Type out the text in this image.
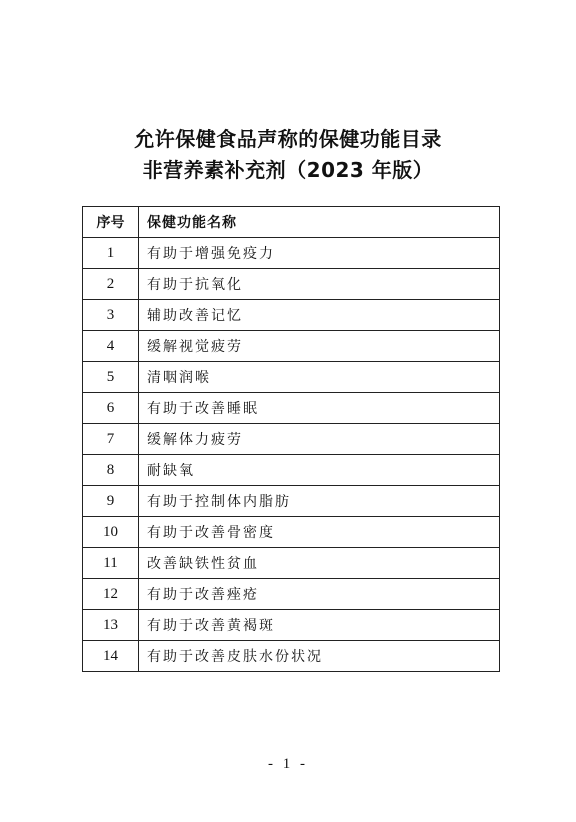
允许保健食品声称的保健功能目录
非营养素补充剂（2023 年版）
序号	保健功能名称
1	有助于增强免疫力
2	有助于抗氧化
3	辅助改善记忆
4	缓解视觉疲劳
5	清咽润喉
6	有助于改善睡眠
7	缓解体力疲劳
8	耐缺氧
9	有助于控制体内脂肪
10	有助于改善骨密度
11	改善缺铁性贫血
12	有助于改善痤疮
13	有助于改善黄褐斑
14	有助于改善皮肤水份状况
- 1 -
